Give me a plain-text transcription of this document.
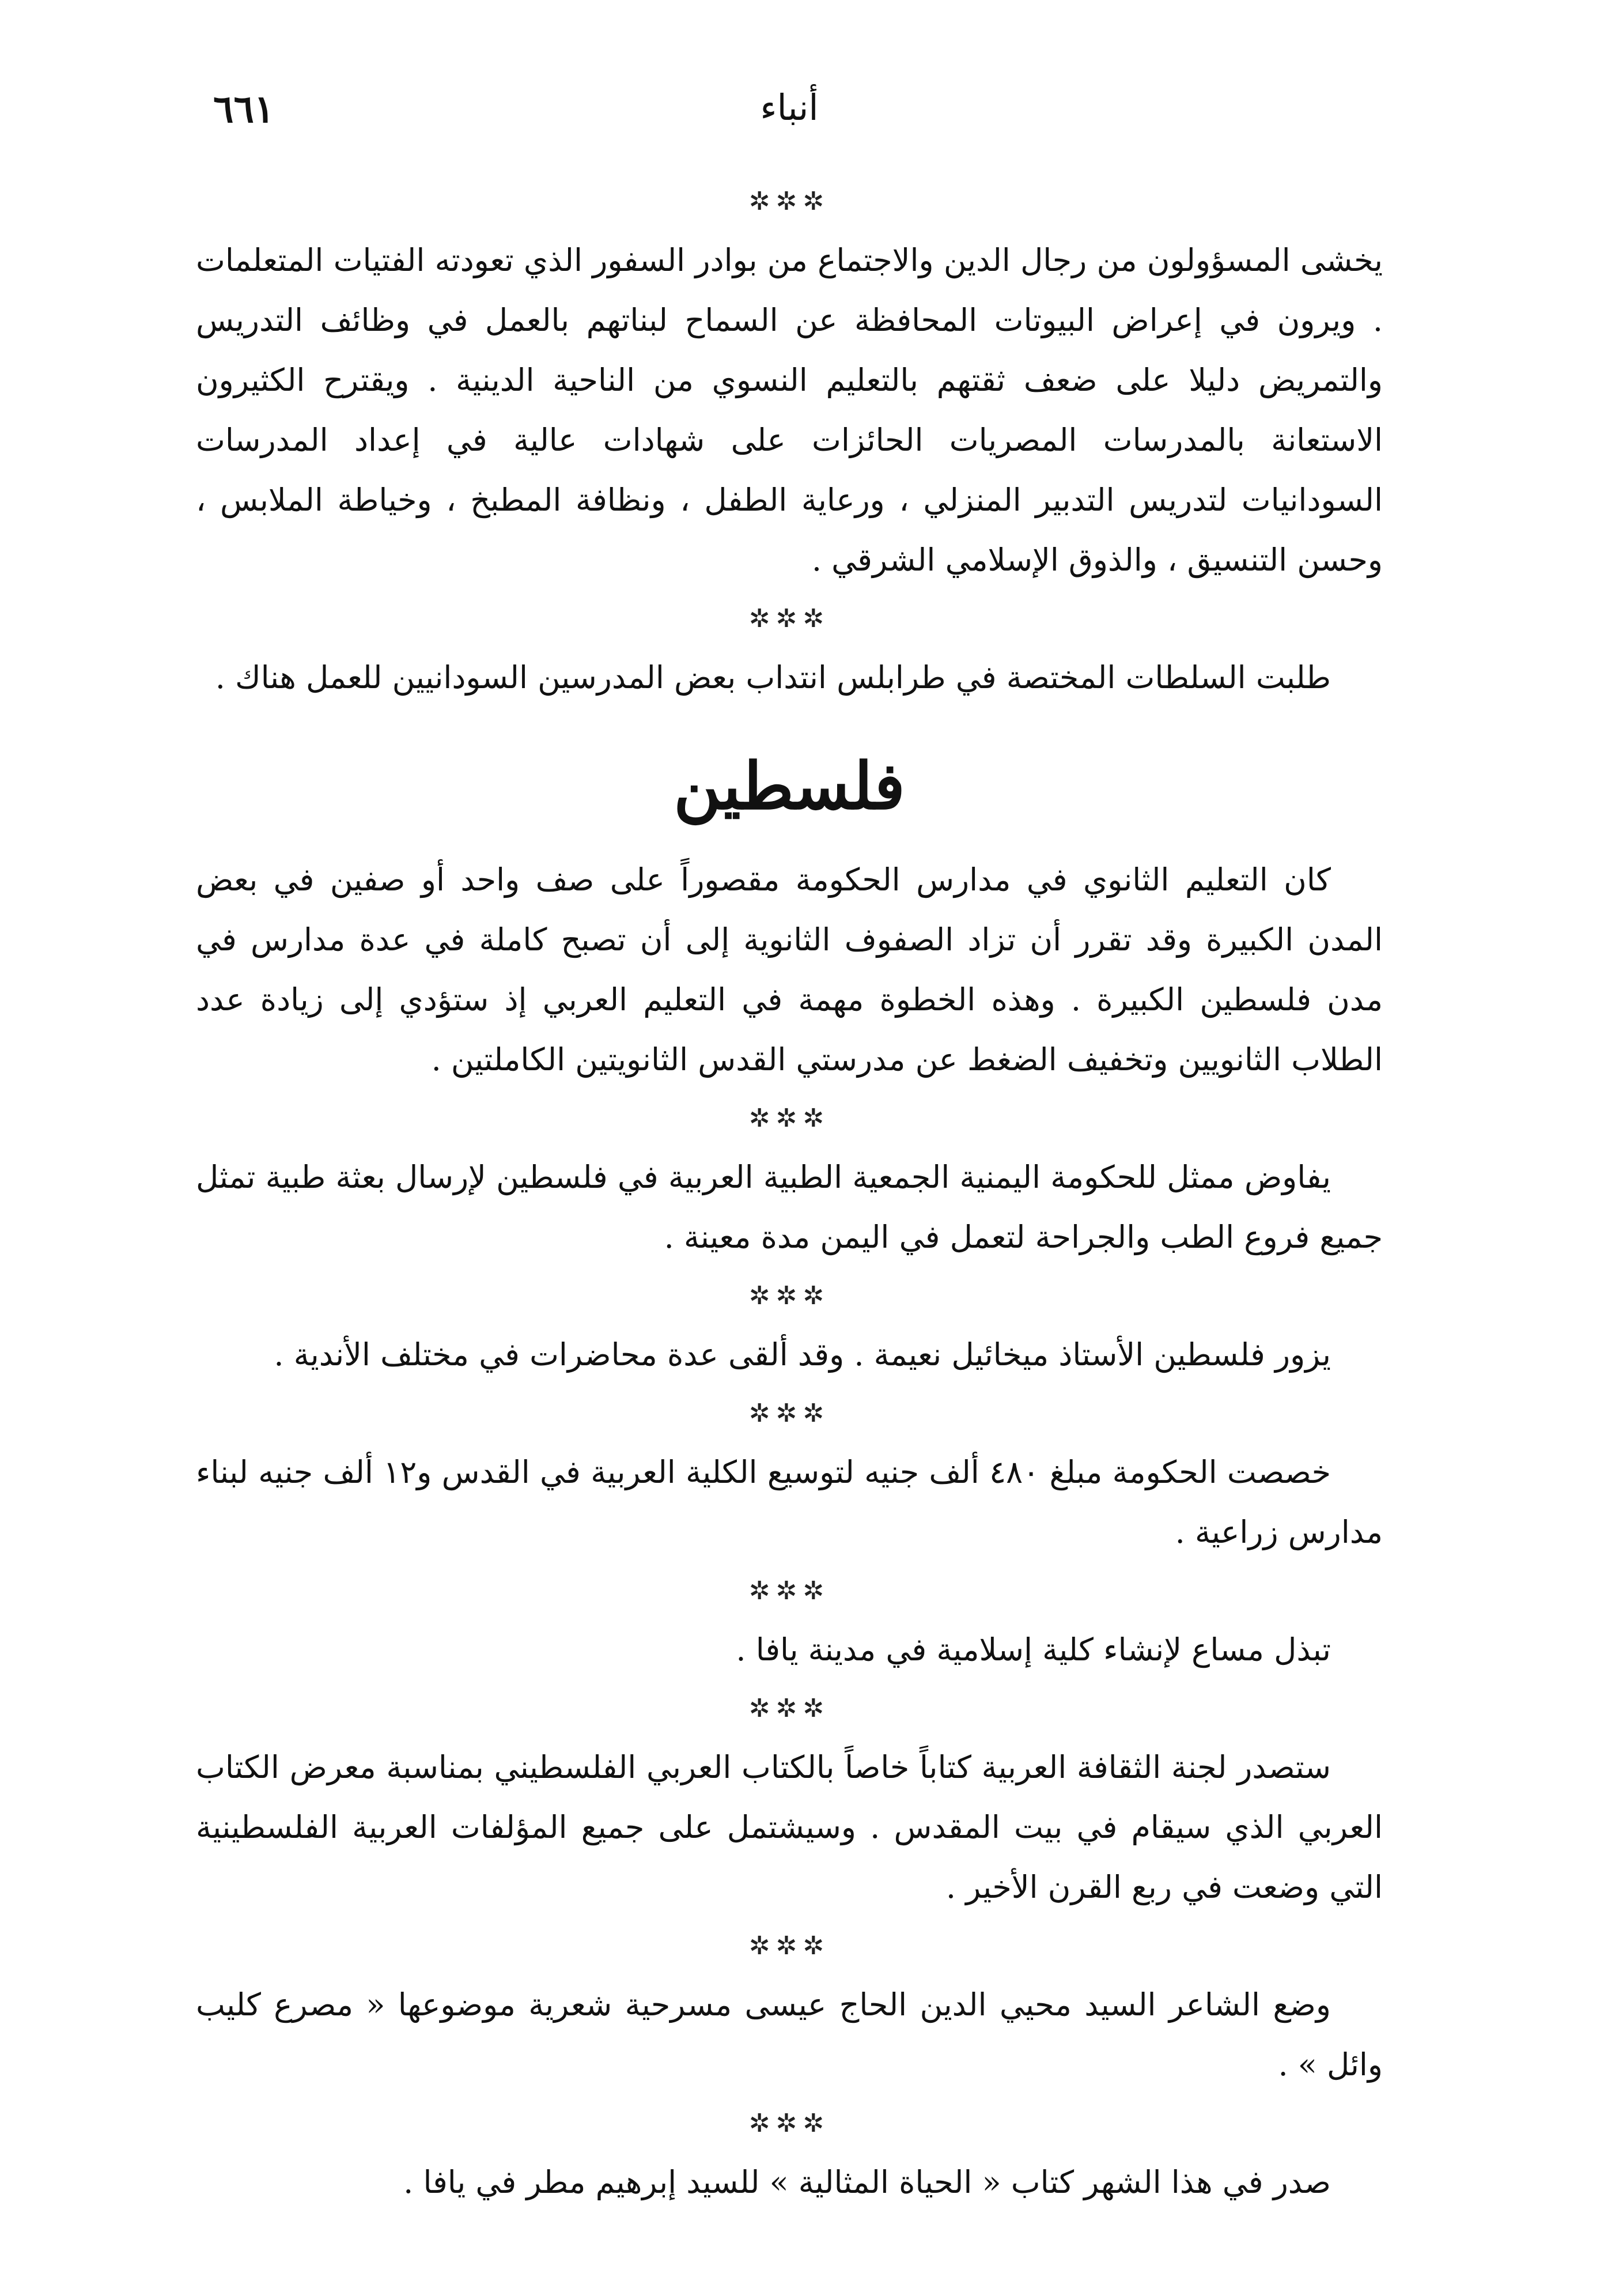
٦٦١	أنباء

✲✲✲

يخشى المسؤولون من رجال الدين والاجتماع من بوادر السفور الذي تعودته الفتيات المتعلمات . ويرون في إعراض البيوتات المحافظة عن السماح لبناتهم بالعمل في وظائف التدريس والتمريض دليلا على ضعف ثقتهم بالتعليم النسوي من الناحية الدينية . ويقترح الكثيرون الاستعانة بالمدرسات المصريات الحائزات على شهادات عالية في إعداد المدرسات السودانيات لتدريس التدبير المنزلي ، ورعاية الطفل ، ونظافة المطبخ ، وخياطة الملابس ، وحسن التنسيق ، والذوق الإسلامي الشرقي .

✲✲✲

طلبت السلطات المختصة في طرابلس انتداب بعض المدرسين السودانيين للعمل هناك .

فلسطين

كان التعليم الثانوي في مدارس الحكومة مقصوراً على صف واحد أو صفين في بعض المدن الكبيرة وقد تقرر أن تزاد الصفوف الثانوية إلى أن تصبح كاملة في عدة مدارس في مدن فلسطين الكبيرة . وهذه الخطوة مهمة في التعليم العربي إذ ستؤدي إلى زيادة عدد الطلاب الثانويين وتخفيف الضغط عن مدرستي القدس الثانويتين الكاملتين .

✲✲✲

يفاوض ممثل للحكومة اليمنية الجمعية الطبية العربية في فلسطين لإرسال بعثة طبية تمثل جميع فروع الطب والجراحة لتعمل في اليمن مدة معينة .

✲✲✲

يزور فلسطين الأستاذ ميخائيل نعيمة . وقد ألقى عدة محاضرات في مختلف الأندية .

✲✲✲

خصصت الحكومة مبلغ ٤٨٠ ألف جنيه لتوسيع الكلية العربية في القدس و١٢ ألف جنيه لبناء مدارس زراعية .

✲✲✲

تبذل مساع لإنشاء كلية إسلامية في مدينة يافا .

✲✲✲

ستصدر لجنة الثقافة العربية كتاباً خاصاً بالكتاب العربي الفلسطيني بمناسبة معرض الكتاب العربي الذي سيقام في بيت المقدس . وسيشتمل على جميع المؤلفات العربية الفلسطينية التي وضعت في ربع القرن الأخير .

✲✲✲

وضع الشاعر السيد محيي الدين الحاج عيسى مسرحية شعرية موضوعها « مصرع كليب وائل » .

✲✲✲

صدر في هذا الشهر كتاب « الحياة المثالية » للسيد إبرهيم مطر في يافا .
